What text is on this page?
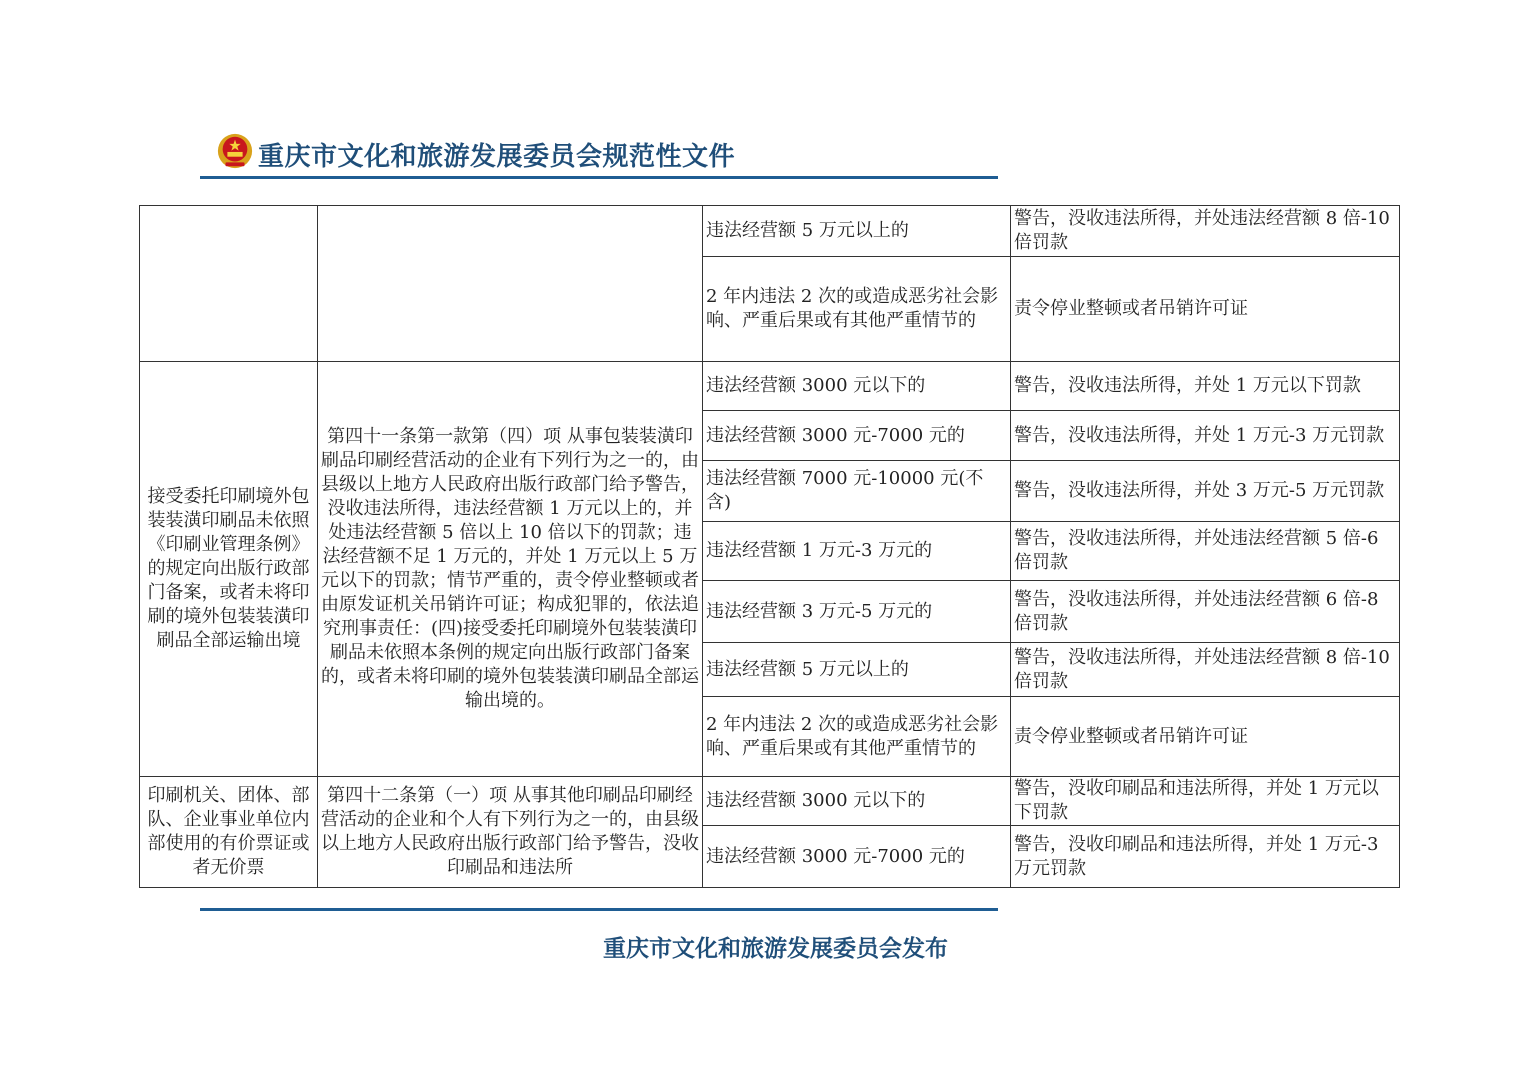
重庆市文化和旅游发展委员会规范性文件
		违法经营额 5 万元以上的	警告，没收违法所得，并处违法经营额 8 倍-10 倍罚款
		2 年内违法 2 次的或造成恶劣社会影响、严重后果或有其他严重情节的	责令停业整顿或者吊销许可证
接受委托印刷境外包装装潢印刷品未依照《印刷业管理条例》的规定向出版行政部门备案，或者未将印刷的境外包装装潢印刷品全部运输出境	第四十一条第一款第（四）项 从事包装装潢印刷品印刷经营活动的企业有下列行为之一的，由县级以上地方人民政府出版行政部门给予警告，没收违法所得，违法经营额 1 万元以上的，并处违法经营额 5 倍以上 10 倍以下的罚款；违法经营额不足 1 万元的，并处 1 万元以上 5 万元以下的罚款；情节严重的，责令停业整顿或者由原发证机关吊销许可证；构成犯罪的，依法追究刑事责任：(四)接受委托印刷境外包装装潢印刷品未依照本条例的规定向出版行政部门备案的，或者未将印刷的境外包装装潢印刷品全部运输出境的。	违法经营额 3000 元以下的	警告，没收违法所得，并处 1 万元以下罚款
		违法经营额 3000 元-7000 元的	警告，没收违法所得，并处 1 万元-3 万元罚款
		违法经营额 7000 元-10000 元(不含)	警告，没收违法所得，并处 3 万元-5 万元罚款
		违法经营额 1 万元-3 万元的	警告，没收违法所得，并处违法经营额 5 倍-6 倍罚款
		违法经营额 3 万元-5 万元的	警告，没收违法所得，并处违法经营额 6 倍-8 倍罚款
		违法经营额 5 万元以上的	警告，没收违法所得，并处违法经营额 8 倍-10 倍罚款
		2 年内违法 2 次的或造成恶劣社会影响、严重后果或有其他严重情节的	责令停业整顿或者吊销许可证
印刷机关、团体、部队、企业事业单位内部使用的有价票证或者无价票	第四十二条第（一）项 从事其他印刷品印刷经营活动的企业和个人有下列行为之一的，由县级以上地方人民政府出版行政部门给予警告，没收印刷品和违法所	违法经营额 3000 元以下的	警告，没收印刷品和违法所得，并处 1 万元以下罚款
		违法经营额 3000 元-7000 元的	警告，没收印刷品和违法所得，并处 1 万元-3 万元罚款
重庆市文化和旅游发展委员会发布
